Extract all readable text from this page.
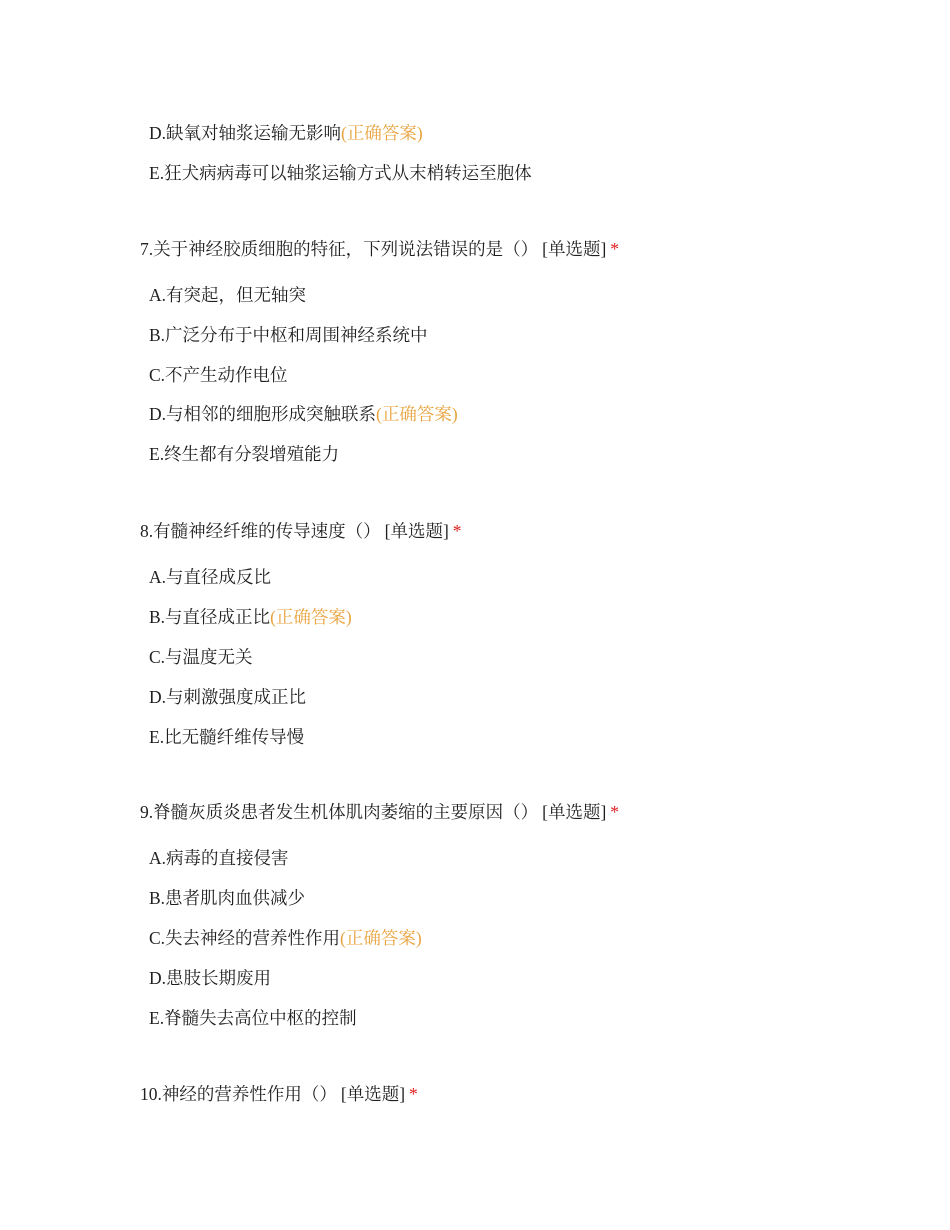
D.缺氧对轴浆运输无影响(正确答案)
E.狂犬病病毒可以轴浆运输方式从末梢转运至胞体
7.关于神经胶质细胞的特征，下列说法错误的是（） [单选题] *
A.有突起，但无轴突
B.广泛分布于中枢和周围神经系统中
C.不产生动作电位
D.与相邻的细胞形成突触联系(正确答案)
E.终生都有分裂增殖能力
8.有髓神经纤维的传导速度（） [单选题] *
A.与直径成反比
B.与直径成正比(正确答案)
C.与温度无关
D.与刺激强度成正比
E.比无髓纤维传导慢
9.脊髓灰质炎患者发生机体肌肉萎缩的主要原因（） [单选题] *
A.病毒的直接侵害
B.患者肌肉血供减少
C.失去神经的营养性作用(正确答案)
D.患肢长期废用
E.脊髓失去高位中枢的控制
10.神经的营养性作用（） [单选题] *
